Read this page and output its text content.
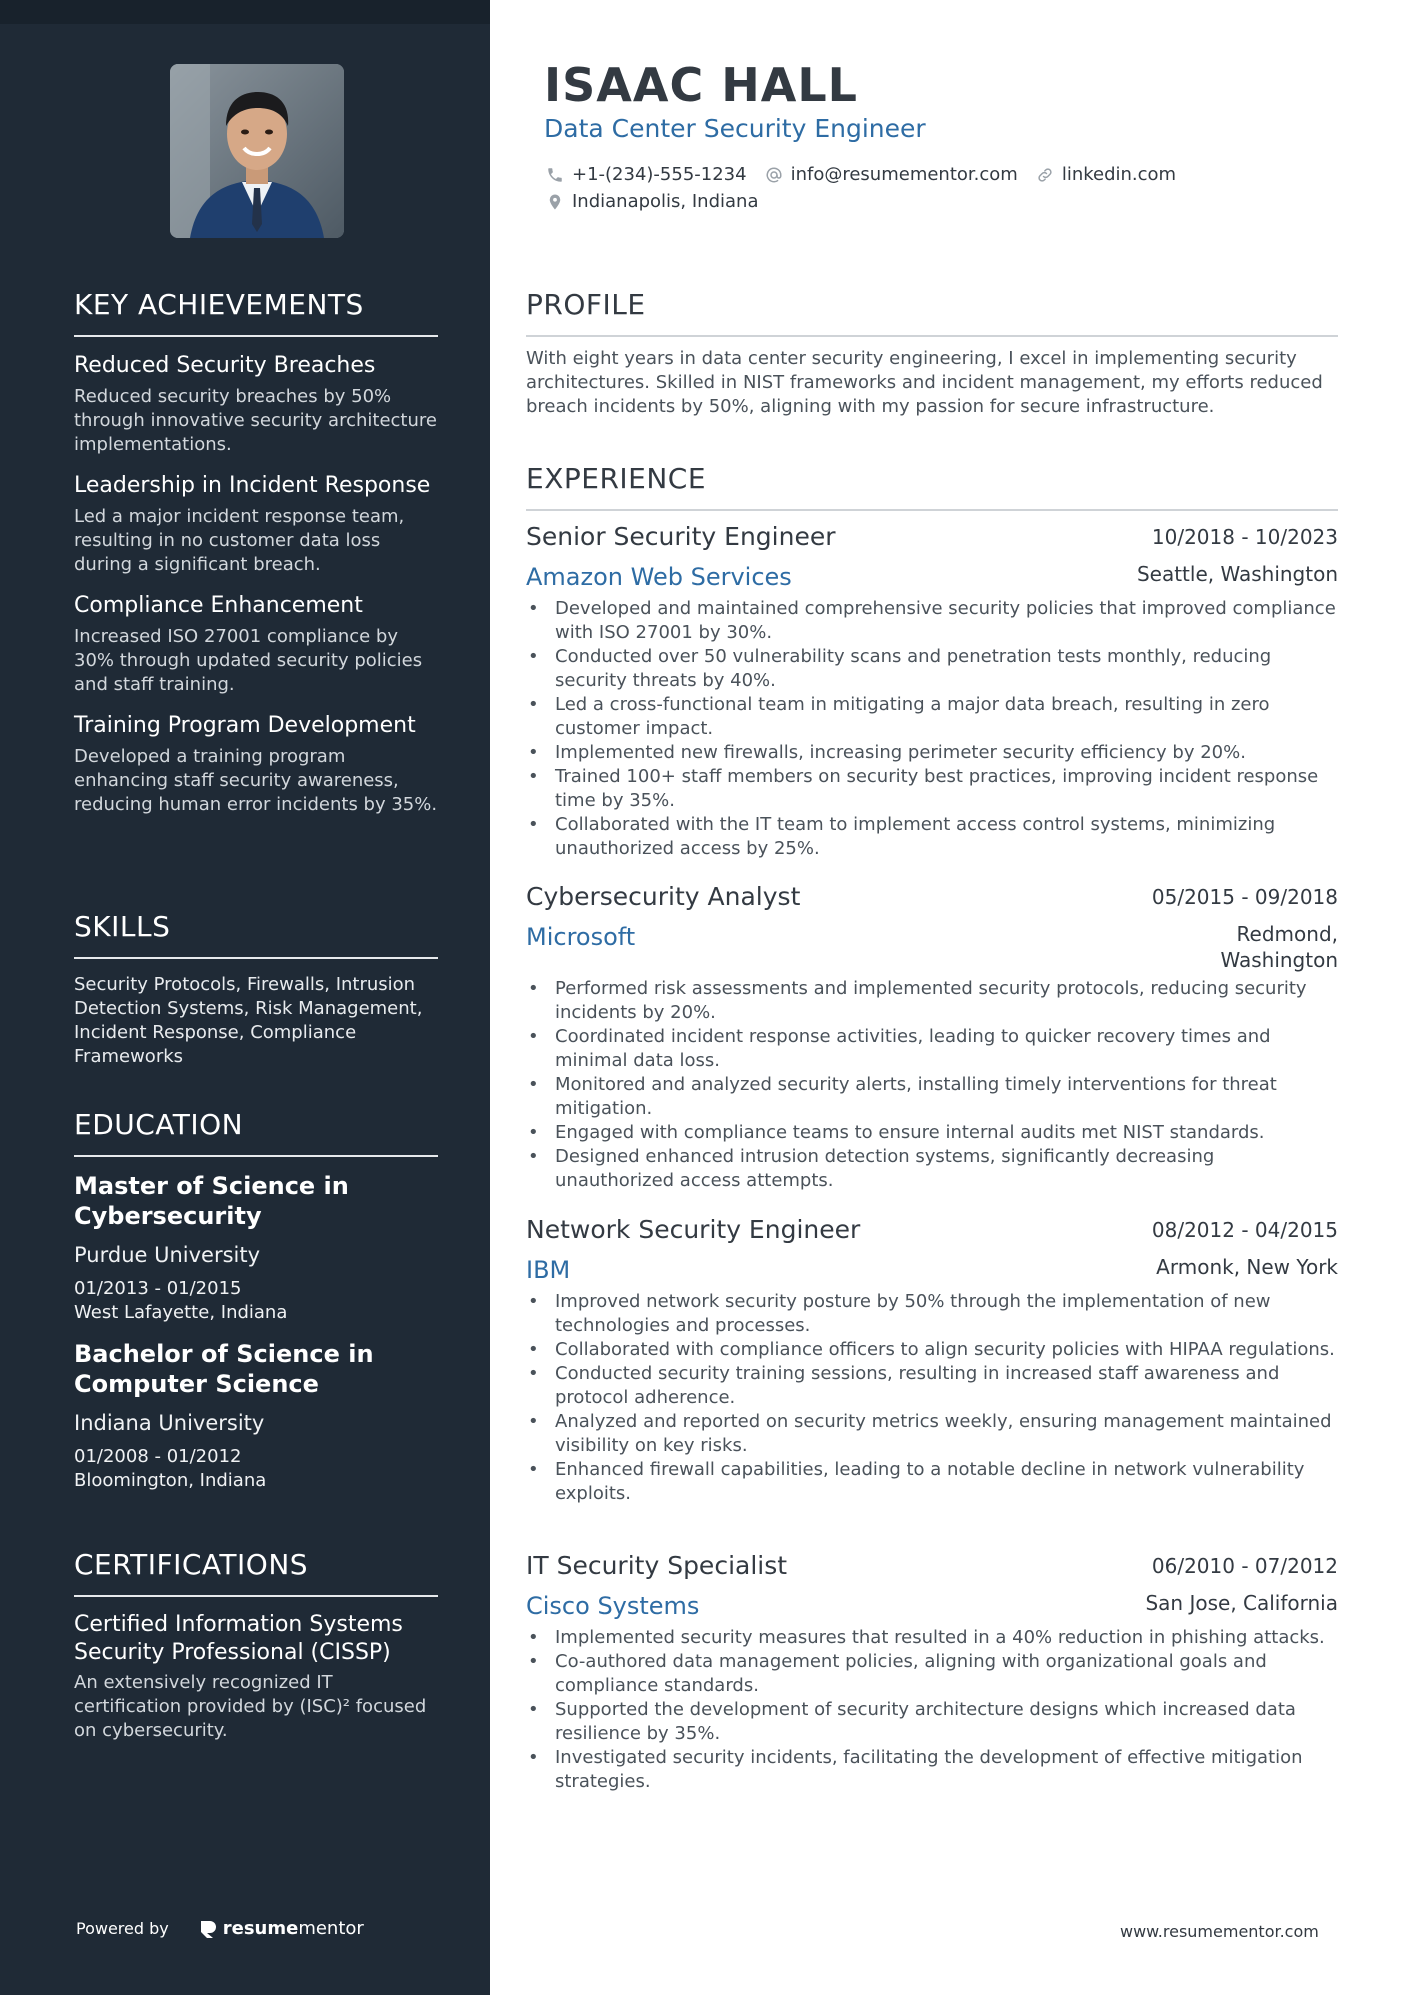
KEY ACHIEVEMENTS
Reduced Security Breaches
Reduced security breaches by 50% through innovative security architecture implementations.
Leadership in Incident Response
Led a major incident response team, resulting in no customer data loss during a significant breach.
Compliance Enhancement
Increased ISO 27001 compliance by 30% through updated security policies and staff training.
Training Program Development
Developed a training program enhancing staff security awareness, reducing human error incidents by 35%.
SKILLS
Security Protocols, Firewalls, Intrusion Detection Systems, Risk Management, Incident Response, Compliance Frameworks
EDUCATION
Master of Science in Cybersecurity
Purdue University
01/2013 - 01/2015
West Lafayette, Indiana
Bachelor of Science in Computer Science
Indiana University
01/2008 - 01/2012
Bloomington, Indiana
CERTIFICATIONS
Certified Information Systems Security Professional (CISSP)
An extensively recognized IT certification provided by (ISC)² focused on cybersecurity.
Powered by	resumementor
ISAAC HALL
Data Center Security Engineer
+1-(234)-555-1234 info@resumementor.com linkedin.com
Indianapolis, Indiana
PROFILE
With eight years in data center security engineering, I excel in implementing security architectures. Skilled in NIST frameworks and incident management, my efforts reduced breach incidents by 50%, aligning with my passion for secure infrastructure.
EXPERIENCE
Senior Security Engineer	10/2018 - 10/2023
Amazon Web Services	Seattle, Washington
• Developed and maintained comprehensive security policies that improved compliance with ISO 27001 by 30%.
• Conducted over 50 vulnerability scans and penetration tests monthly, reducing security threats by 40%.
• Led a cross-functional team in mitigating a major data breach, resulting in zero customer impact.
• Implemented new firewalls, increasing perimeter security efficiency by 20%.
• Trained 100+ staff members on security best practices, improving incident response time by 35%.
• Collaborated with the IT team to implement access control systems, minimizing unauthorized access by 25%.
Cybersecurity Analyst	05/2015 - 09/2018
Microsoft	Redmond,
Washington
• Performed risk assessments and implemented security protocols, reducing security incidents by 20%.
• Coordinated incident response activities, leading to quicker recovery times and minimal data loss.
• Monitored and analyzed security alerts, installing timely interventions for threat mitigation.
• Engaged with compliance teams to ensure internal audits met NIST standards.
• Designed enhanced intrusion detection systems, significantly decreasing unauthorized access attempts.
Network Security Engineer	08/2012 - 04/2015
IBM	Armonk, New York
• Improved network security posture by 50% through the implementation of new technologies and processes.
• Collaborated with compliance officers to align security policies with HIPAA regulations.
• Conducted security training sessions, resulting in increased staff awareness and protocol adherence.
• Analyzed and reported on security metrics weekly, ensuring management maintained visibility on key risks.
• Enhanced firewall capabilities, leading to a notable decline in network vulnerability exploits.
IT Security Specialist	06/2010 - 07/2012
Cisco Systems	San Jose, California
• Implemented security measures that resulted in a 40% reduction in phishing attacks.
• Co-authored data management policies, aligning with organizational goals and compliance standards.
• Supported the development of security architecture designs which increased data resilience by 35%.
• Investigated security incidents, facilitating the development of effective mitigation strategies.
www.resumementor.com
